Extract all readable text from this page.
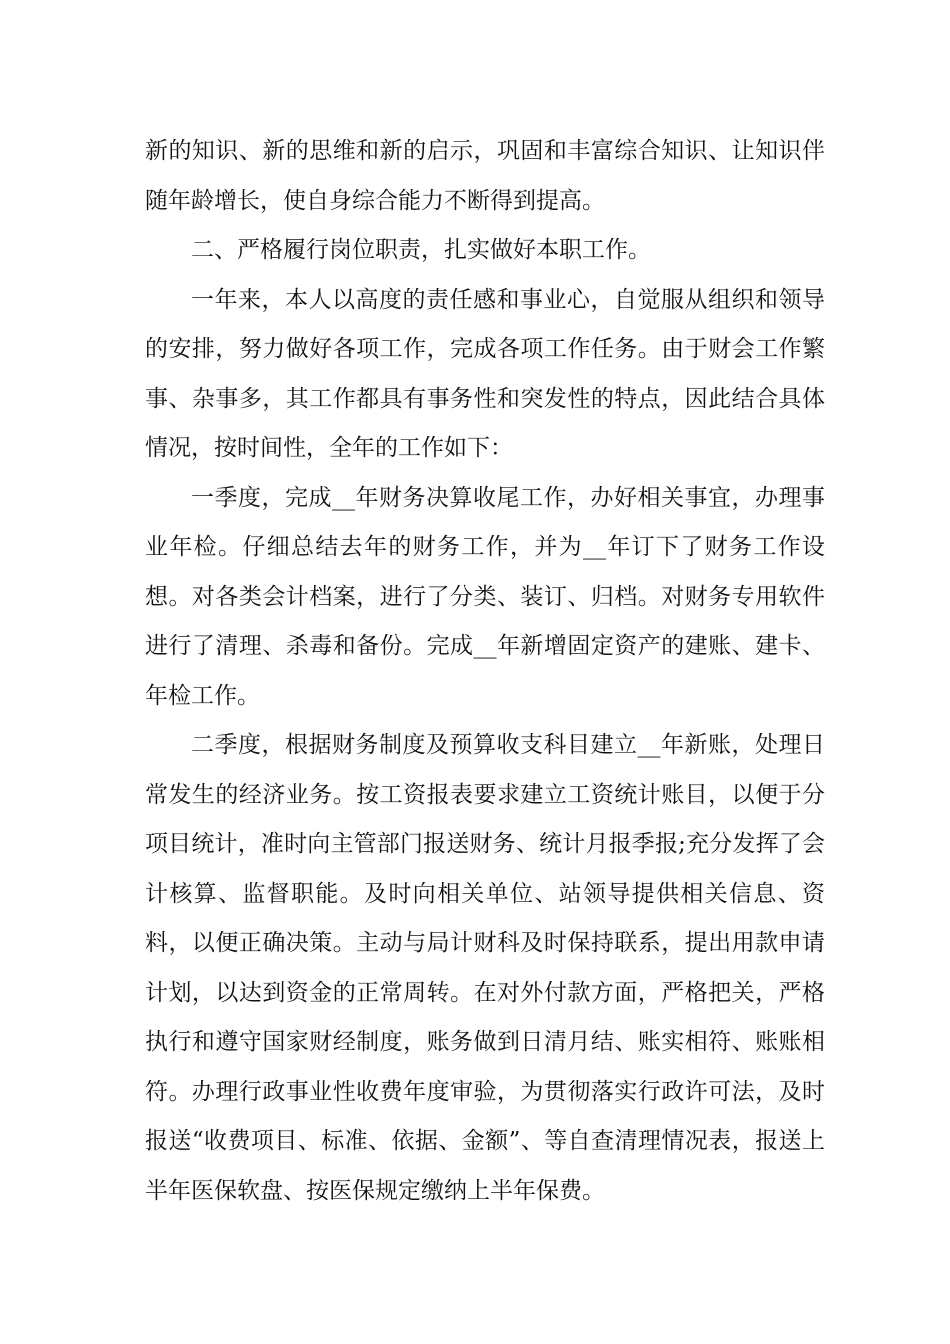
新的知识、新的思维和新的启示，巩固和丰富综合知识、让知识伴随年龄增长，使自身综合能力不断得到提高。

二、严格履行岗位职责，扎实做好本职工作。

一年来，本人以高度的责任感和事业心，自觉服从组织和领导的安排，努力做好各项工作，完成各项工作任务。由于财会工作繁事、杂事多，其工作都具有事务性和突发性的特点，因此结合具体情况，按时间性，全年的工作如下：

一季度，完成__年财务决算收尾工作，办好相关事宜，办理事业年检。仔细总结去年的财务工作，并为__年订下了财务工作设想。对各类会计档案，进行了分类、装订、归档。对财务专用软件进行了清理、杀毒和备份。完成__年新增固定资产的建账、建卡、年检工作。

二季度，根据财务制度及预算收支科目建立__年新账，处理日常发生的经济业务。按工资报表要求建立工资统计账目，以便于分项目统计，准时向主管部门报送财务、统计月报季报;充分发挥了会计核算、监督职能。及时向相关单位、站领导提供相关信息、资料，以便正确决策。主动与局计财科及时保持联系，提出用款申请计划，以达到资金的正常周转。在对外付款方面，严格把关，严格执行和遵守国家财经制度，账务做到日清月结、账实相符、账账相符。办理行政事业性收费年度审验，为贯彻落实行政许可法，及时报送“收费项目、标准、依据、金额”、等自查清理情况表，报送上半年医保软盘、按医保规定缴纳上半年保费。
